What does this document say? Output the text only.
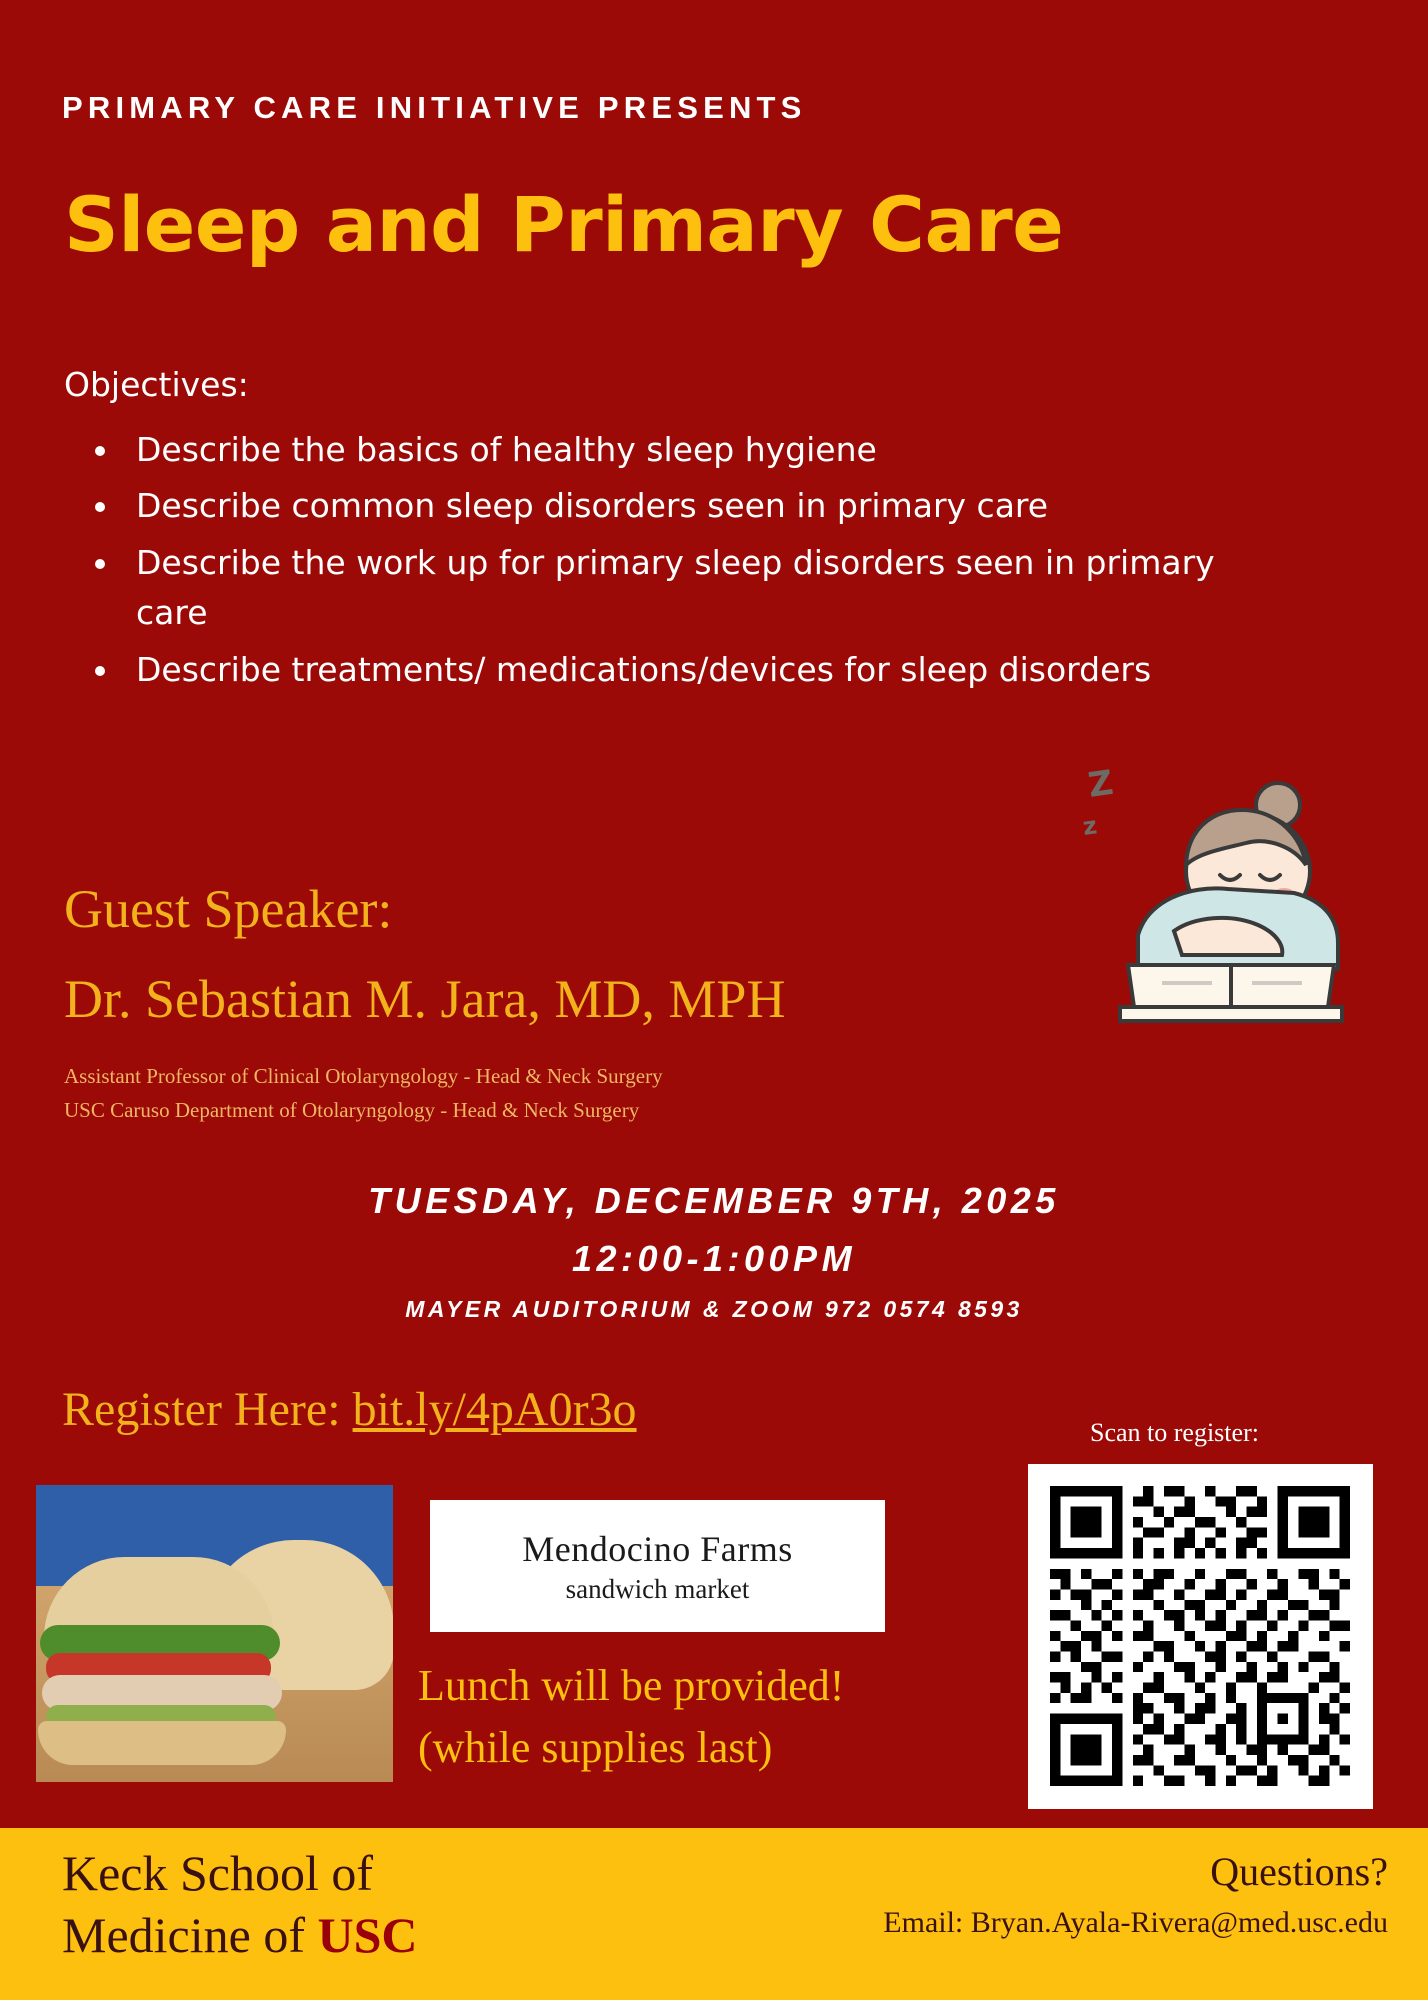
PRIMARY CARE INITIATIVE PRESENTS
Sleep and Primary Care
Objectives:
• Describe the basics of healthy sleep hygiene
• Describe common sleep disorders seen in primary care
• Describe the work up for primary sleep disorders seen in primary care
• Describe treatments/ medications/devices for sleep disorders
Z
z
Guest Speaker:
Dr. Sebastian M. Jara, MD, MPH
Assistant Professor of Clinical Otolaryngology - Head & Neck Surgery
USC Caruso Department of Otolaryngology - Head & Neck Surgery
TUESDAY, DECEMBER 9TH, 2025
12:00-1:00PM
MAYER AUDITORIUM & ZOOM 972 0574 8593
Register Here: bit.ly/4pA0r3o	Scan to register:
Mendocino Farms
sandwich market
Lunch will be provided!
(while supplies last)
Keck School of
Medicine of USC
Questions?
Email: Bryan.Ayala-Rivera@med.usc.edu
